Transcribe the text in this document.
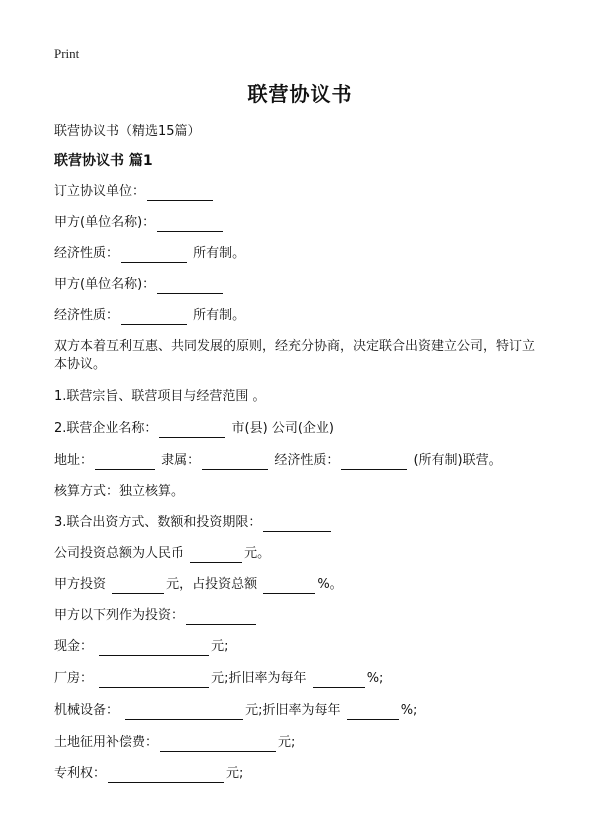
Print
联营协议书
联营协议书（精选15篇）
联营协议书 篇1
订立协议单位：
甲方(单位名称)：
经济性质：	所有制。
甲方(单位名称)：
经济性质：	所有制。
双方本着互利互惠、共同发展的原则，经充分协商，决定联合出资建立公司，特订立本协议。
1.联营宗旨、联营项目与经营范围 。
2.联营企业名称：	市(县) 公司(企业)
地址：	隶属：	经济性质：	(所有制)联营。
核算方式：独立核算。
3.联合出资方式、数额和投资期限：
公司投资总额为人民币	元。
甲方投资	元，占投资总额	%。
甲方以下列作为投资：
现金：	元;
厂房：	元;折旧率为每年	%;
机械设备：	元;折旧率为每年	%;
土地征用补偿费：	元;
专利权：	元;
